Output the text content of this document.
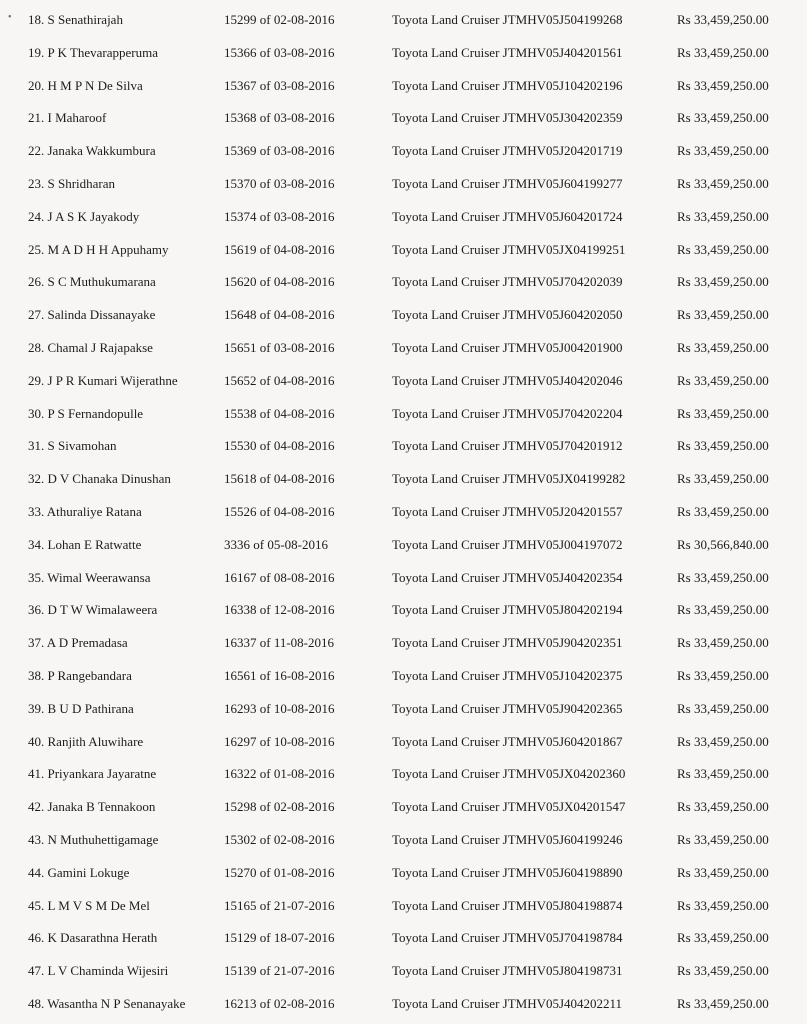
• 18. S Senathirajah	15299 of 02-08-2016	Toyota Land Cruiser JTMHV05J504199268	Rs 33,459,250.00
19. P K Thevarapperuma	15366 of 03-08-2016	Toyota Land Cruiser JTMHV05J404201561	Rs 33,459,250.00
20. H M P N De Silva	15367 of 03-08-2016	Toyota Land Cruiser JTMHV05J104202196	Rs 33,459,250.00
21. I Maharoof	15368 of 03-08-2016	Toyota Land Cruiser JTMHV05J304202359	Rs 33,459,250.00
22. Janaka Wakkumbura	15369 of 03-08-2016	Toyota Land Cruiser JTMHV05J204201719	Rs 33,459,250.00
23. S Shridharan	15370 of 03-08-2016	Toyota Land Cruiser JTMHV05J604199277	Rs 33,459,250.00
24. J A S K Jayakody	15374 of 03-08-2016	Toyota Land Cruiser JTMHV05J604201724	Rs 33,459,250.00
25. M A D H H Appuhamy	15619 of 04-08-2016	Toyota Land Cruiser JTMHV05JX04199251	Rs 33,459,250.00
26. S C Muthukumarana	15620 of 04-08-2016	Toyota Land Cruiser JTMHV05J704202039	Rs 33,459,250.00
27. Salinda Dissanayake	15648 of 04-08-2016	Toyota Land Cruiser JTMHV05J604202050	Rs 33,459,250.00
28. Chamal J Rajapakse	15651 of 03-08-2016	Toyota Land Cruiser JTMHV05J004201900	Rs 33,459,250.00
29. J P R Kumari Wijerathne	15652 of 04-08-2016	Toyota Land Cruiser JTMHV05J404202046	Rs 33,459,250.00
30. P S Fernandopulle	15538 of 04-08-2016	Toyota Land Cruiser JTMHV05J704202204	Rs 33,459,250.00
31. S Sivamohan	15530 of 04-08-2016	Toyota Land Cruiser JTMHV05J704201912	Rs 33,459,250.00
32. D V Chanaka Dinushan	15618 of 04-08-2016	Toyota Land Cruiser JTMHV05JX04199282	Rs 33,459,250.00
33. Athuraliye Ratana	15526 of 04-08-2016	Toyota Land Cruiser JTMHV05J204201557	Rs 33,459,250.00
34. Lohan E Ratwatte	3336 of 05-08-2016	Toyota Land Cruiser JTMHV05J004197072	Rs 30,566,840.00
35. Wimal Weerawansa	16167 of 08-08-2016	Toyota Land Cruiser JTMHV05J404202354	Rs 33,459,250.00
36. D T W Wimalaweera	16338 of 12-08-2016	Toyota Land Cruiser JTMHV05J804202194	Rs 33,459,250.00
37. A D Premadasa	16337 of 11-08-2016	Toyota Land Cruiser JTMHV05J904202351	Rs 33,459,250.00
38. P Rangebandara	16561 of 16-08-2016	Toyota Land Cruiser JTMHV05J104202375	Rs 33,459,250.00
39. B U D Pathirana	16293 of 10-08-2016	Toyota Land Cruiser JTMHV05J904202365	Rs 33,459,250.00
40. Ranjith Aluwihare	16297 of 10-08-2016	Toyota Land Cruiser JTMHV05J604201867	Rs 33,459,250.00
41. Priyankara Jayaratne	16322 of 01-08-2016	Toyota Land Cruiser JTMHV05JX04202360	Rs 33,459,250.00
42. Janaka B Tennakoon	15298 of 02-08-2016	Toyota Land Cruiser JTMHV05JX04201547	Rs 33,459,250.00
43. N Muthuhettigamage	15302 of 02-08-2016	Toyota Land Cruiser JTMHV05J604199246	Rs 33,459,250.00
44. Gamini Lokuge	15270 of 01-08-2016	Toyota Land Cruiser JTMHV05J604198890	Rs 33,459,250.00
45. L M V S M De Mel	15165 of 21-07-2016	Toyota Land Cruiser JTMHV05J804198874	Rs 33,459,250.00
46. K Dasarathna Herath	15129 of 18-07-2016	Toyota Land Cruiser JTMHV05J704198784	Rs 33,459,250.00
47. L V Chaminda Wijesiri	15139 of 21-07-2016	Toyota Land Cruiser JTMHV05J804198731	Rs 33,459,250.00
48. Wasantha N P Senanayake	16213 of 02-08-2016	Toyota Land Cruiser JTMHV05J404202211	Rs 33,459,250.00
